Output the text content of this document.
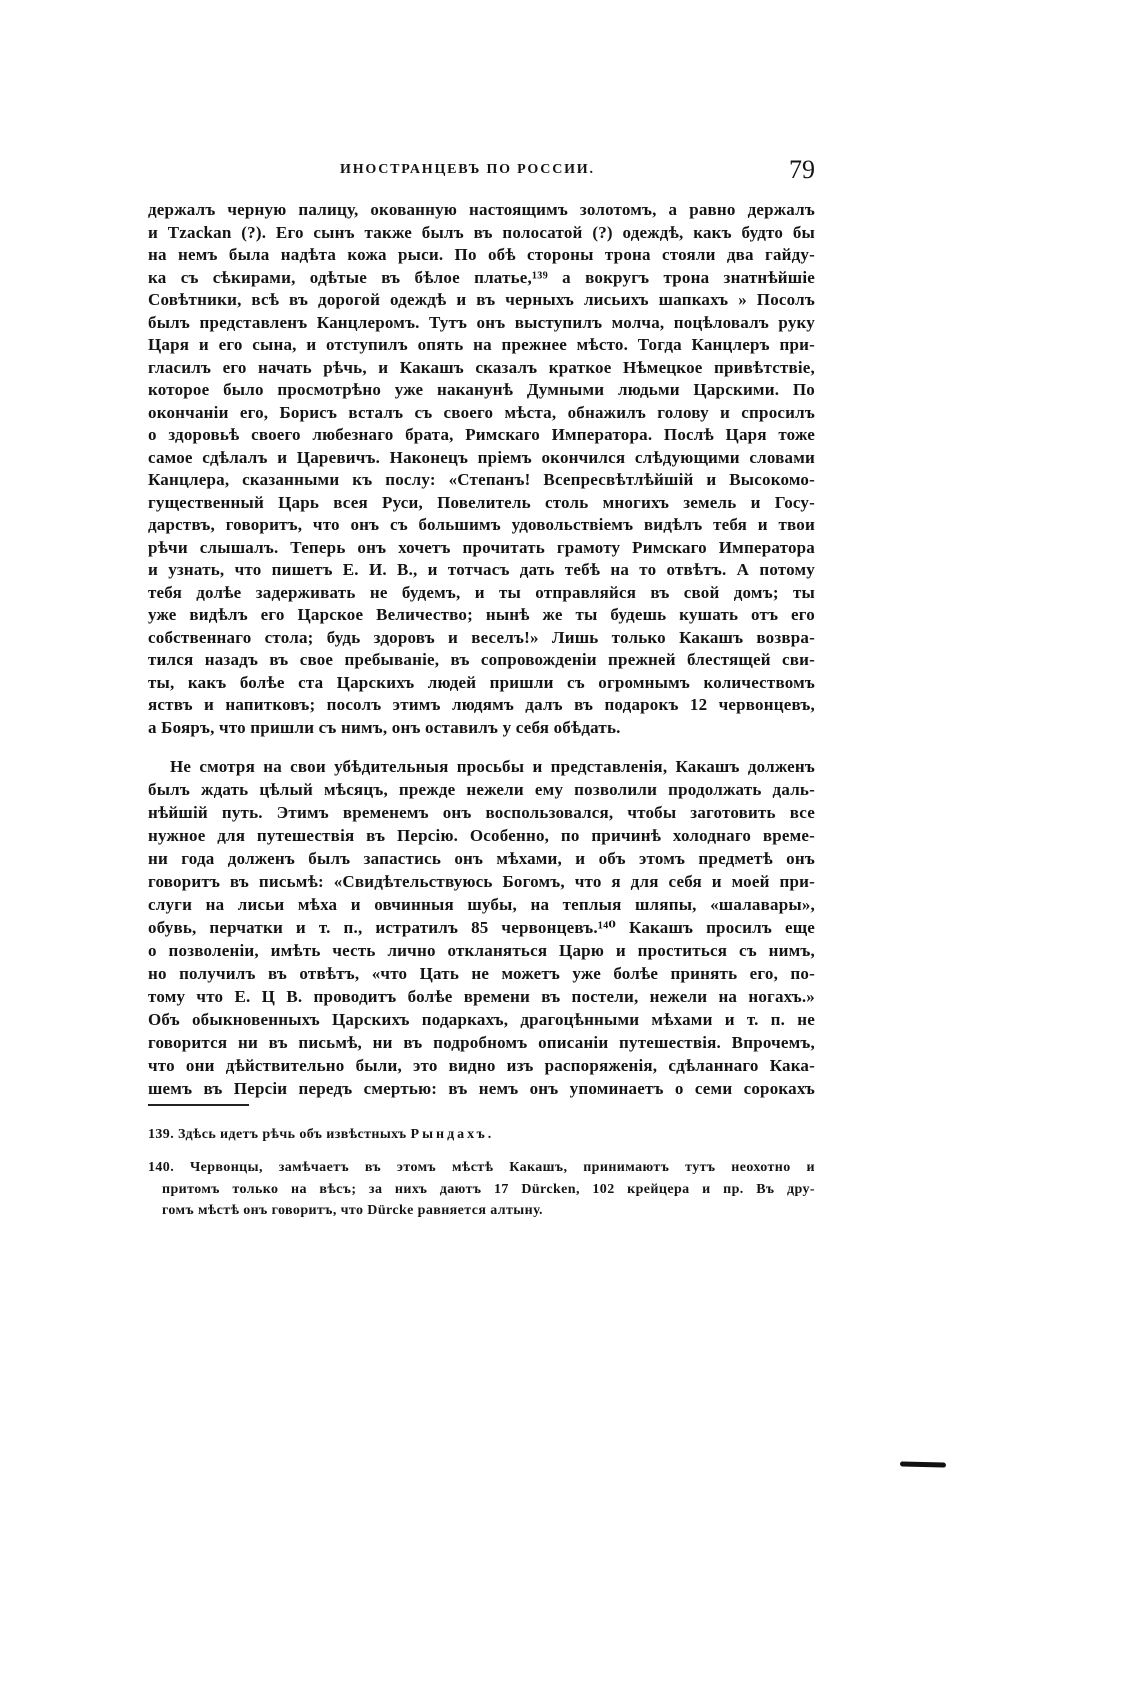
ИНОСТРАНЦЕВЪ ПО РОССИИ.	79
держалъ черную палицу, окованную настоящимъ золотомъ, а равно держалъ
и Tzackan (?). Его сынъ также былъ въ полосатой (?) одеждѣ, какъ будто бы
на немъ была надѣта кожа рыси. По обѣ стороны трона стояли два гайду-
ка съ сѣкирами, одѣтые въ бѣлое платье,¹³⁹ а вокругъ трона знатнѣйшіе
Совѣтники, всѣ въ дорогой одеждѣ и въ черныхъ лисьихъ шапкахъ » Посолъ
былъ представленъ Канцлеромъ. Тутъ онъ выступилъ молча, поцѣловалъ руку
Царя и его сына, и отступилъ опять на прежнее мѣсто. Тогда Канцлеръ при-
гласилъ его начать рѣчь, и Какашъ сказалъ краткое Нѣмецкое привѣтствіе,
которое было просмотрѣно уже наканунѣ Думными людьми Царскими. По
окончаніи его, Борисъ всталъ съ своего мѣста, обнажилъ голову и спросилъ
о здоровьѣ своего любезнаго брата, Римскаго Императора. Послѣ Царя тоже
самое сдѣлалъ и Царевичъ. Наконецъ пріемъ окончился слѣдующими словами
Канцлера, сказанными къ послу: «Степанъ! Всепресвѣтлѣйшій и Высокомо-
гущественный Царь всея Руси, Повелитель столь многихъ земель и Госу-
дарствъ, говоритъ, что онъ съ большимъ удовольствіемъ видѣлъ тебя и твои
рѣчи слышалъ. Теперь онъ хочетъ прочитать грамоту Римскаго Императора
и узнать, что пишетъ Е. И. В., и тотчасъ дать тебѣ на то отвѣтъ. А потому
тебя долѣе задерживать не будемъ, и ты отправляйся въ свой домъ; ты
уже видѣлъ его Царское Величество; нынѣ же ты будешь кушать отъ его
собственнаго стола; будь здоровъ и веселъ!» Лишь только Какашъ возвра-
тился назадъ въ свое пребываніе, въ сопровожденіи прежней блестящей сви-
ты, какъ болѣе ста Царскихъ людей пришли съ огромнымъ количествомъ
яствъ и напитковъ; посолъ этимъ людямъ далъ въ подарокъ 12 червонцевъ,
а Бояръ, что пришли съ нимъ, онъ оставилъ у себя обѣдать.
Не смотря на свои убѣдительныя просьбы и представленія, Какашъ долженъ
былъ ждать цѣлый мѣсяцъ, прежде нежели ему позволили продолжать даль-
нѣйшій путь. Этимъ временемъ онъ воспользовался, чтобы заготовить все
нужное для путешествія въ Персію. Особенно, по причинѣ холоднаго време-
ни года долженъ былъ запастись онъ мѣхами, и объ этомъ предметѣ онъ
говоритъ въ письмѣ: «Свидѣтельствуюсь Богомъ, что я для себя и моей при-
слуги на лисьи мѣха и овчинныя шубы, на теплыя шляпы, «шалавары»,
обувь, перчатки и т. п., истратилъ 85 червонцевъ.¹⁴⁰ Какашъ просилъ еще
о позволеніи, имѣть честь лично откланяться Царю и проститься съ нимъ,
но получилъ въ отвѣтъ, «что Цать не можетъ уже болѣе принять его, по-
тому что Е. Ц В. проводитъ болѣе времени въ постели, нежели на ногахъ.»
Объ обыкновенныхъ Царскихъ подаркахъ, драгоцѣнными мѣхами и т. п. не
говорится ни въ письмѣ, ни въ подробномъ описаніи путешествія. Впрочемъ,
что они дѣйствительно были, это видно изъ распоряженія, сдѣланнаго Кака-
шемъ въ Персіи передъ смертью: въ немъ онъ упоминаетъ о семи сорокахъ
139. Здѣсь идетъ рѣчь объ извѣстныхъ Рындахъ.
140. Червонцы, замѣчаетъ въ этомъ мѣстѣ Какашъ, принимаютъ тутъ неохотно и
притомъ только на вѣсъ; за нихъ даютъ 17 Dürcken, 102 крейцера и пр. Въ дру-
гомъ мѣстѣ онъ говоритъ, что Dürcke равняется алтыну.
